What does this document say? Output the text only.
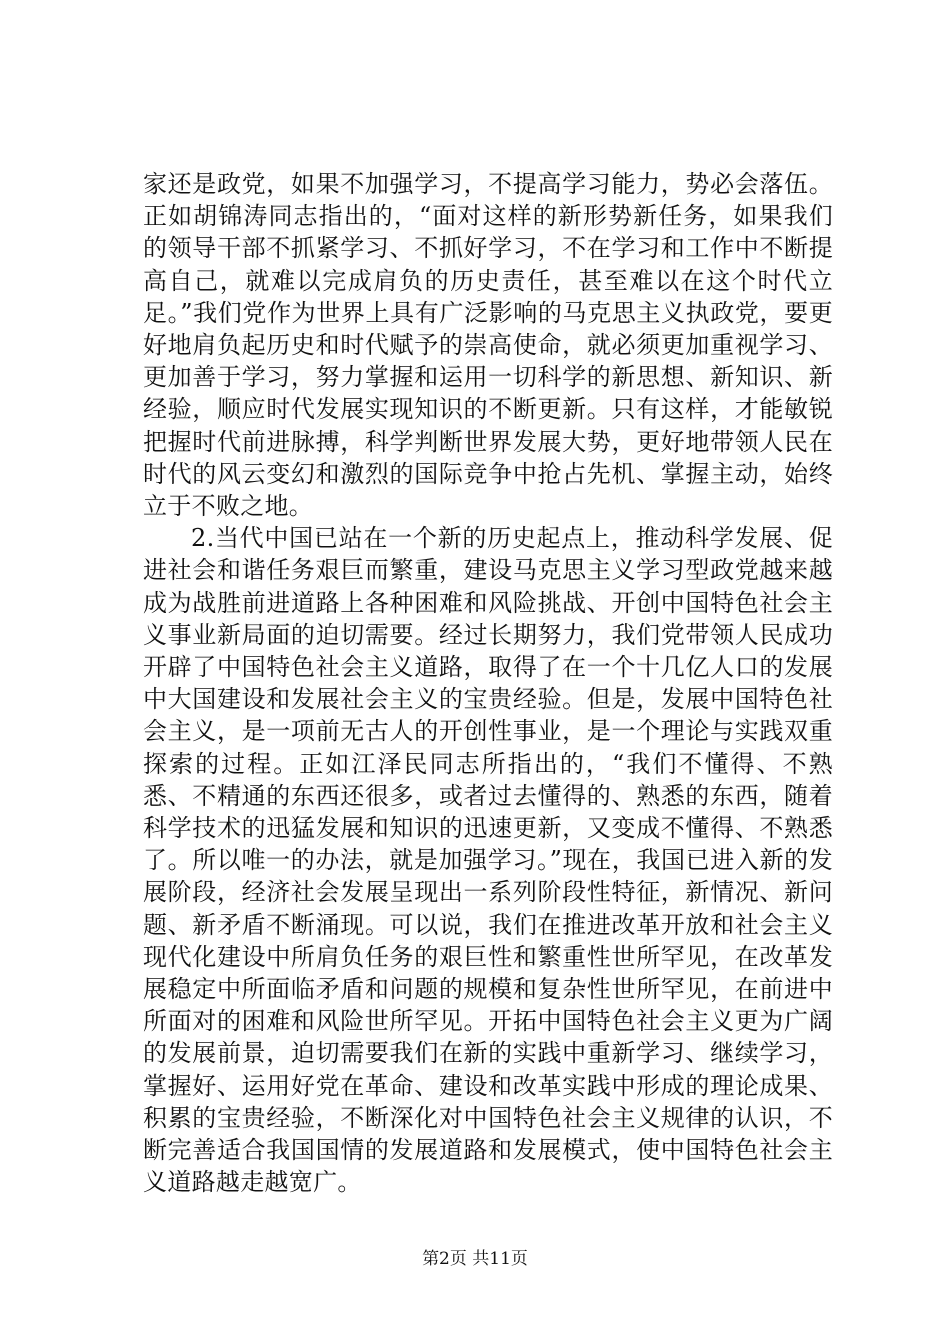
家还是政党，如果不加强学习，不提高学习能力，势必会落伍。正如胡锦涛同志指出的，“面对这样的新形势新任务，如果我们的领导干部不抓紧学习、不抓好学习，不在学习和工作中不断提高自己，就难以完成肩负的历史责任，甚至难以在这个时代立足。”我们党作为世界上具有广泛影响的马克思主义执政党，要更好地肩负起历史和时代赋予的崇高使命，就必须更加重视学习、更加善于学习，努力掌握和运用一切科学的新思想、新知识、新经验，顺应时代发展实现知识的不断更新。只有这样，才能敏锐把握时代前进脉搏，科学判断世界发展大势，更好地带领人民在时代的风云变幻和激烈的国际竞争中抢占先机、掌握主动，始终立于不败之地。

2.当代中国已站在一个新的历史起点上，推动科学发展、促进社会和谐任务艰巨而繁重，建设马克思主义学习型政党越来越成为战胜前进道路上各种困难和风险挑战、开创中国特色社会主义事业新局面的迫切需要。经过长期努力，我们党带领人民成功开辟了中国特色社会主义道路，取得了在一个十几亿人口的发展中大国建设和发展社会主义的宝贵经验。但是，发展中国特色社会主义，是一项前无古人的开创性事业，是一个理论与实践双重探索的过程。正如江泽民同志所指出的，“我们不懂得、不熟悉、不精通的东西还很多，或者过去懂得的、熟悉的东西，随着科学技术的迅猛发展和知识的迅速更新，又变成不懂得、不熟悉了。所以唯一的办法，就是加强学习。”现在，我国已进入新的发展阶段，经济社会发展呈现出一系列阶段性特征，新情况、新问题、新矛盾不断涌现。可以说，我们在推进改革开放和社会主义现代化建设中所肩负任务的艰巨性和繁重性世所罕见，在改革发展稳定中所面临矛盾和问题的规模和复杂性世所罕见，在前进中所面对的困难和风险世所罕见。开拓中国特色社会主义更为广阔的发展前景，迫切需要我们在新的实践中重新学习、继续学习，掌握好、运用好党在革命、建设和改革实践中形成的理论成果、积累的宝贵经验，不断深化对中国特色社会主义规律的认识，不断完善适合我国国情的发展道路和发展模式，使中国特色社会主义道路越走越宽广。

第2页 共11页
